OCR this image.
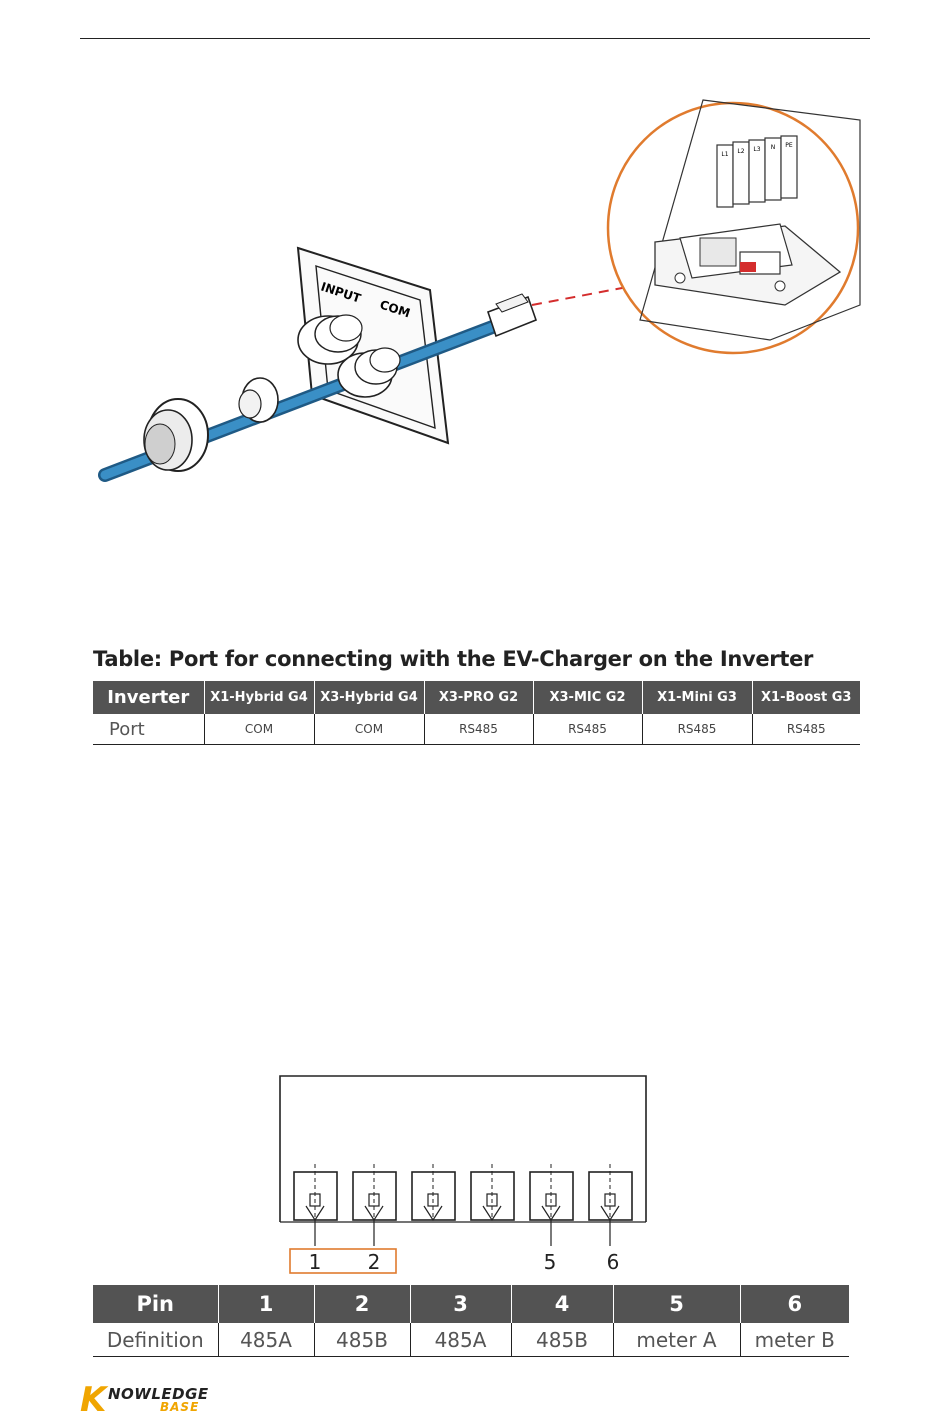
INPUT
COM
L1 L2 L3 N PE
Table: Port for connecting with the EV-Charger on the Inverter
Inverter	X1-Hybrid G4	X3-Hybrid G4	X3-PRO G2	X3-MIC G2	X1-Mini G3	X1-Boost G3
Port	COM	COM	RS485	RS485	RS485	RS485
1 2	5	6
Pin	1	2	3	4	5	6
Definition	485A	485B	485A	485B	meter A	meter B
K NOWLEDGE
BASE
